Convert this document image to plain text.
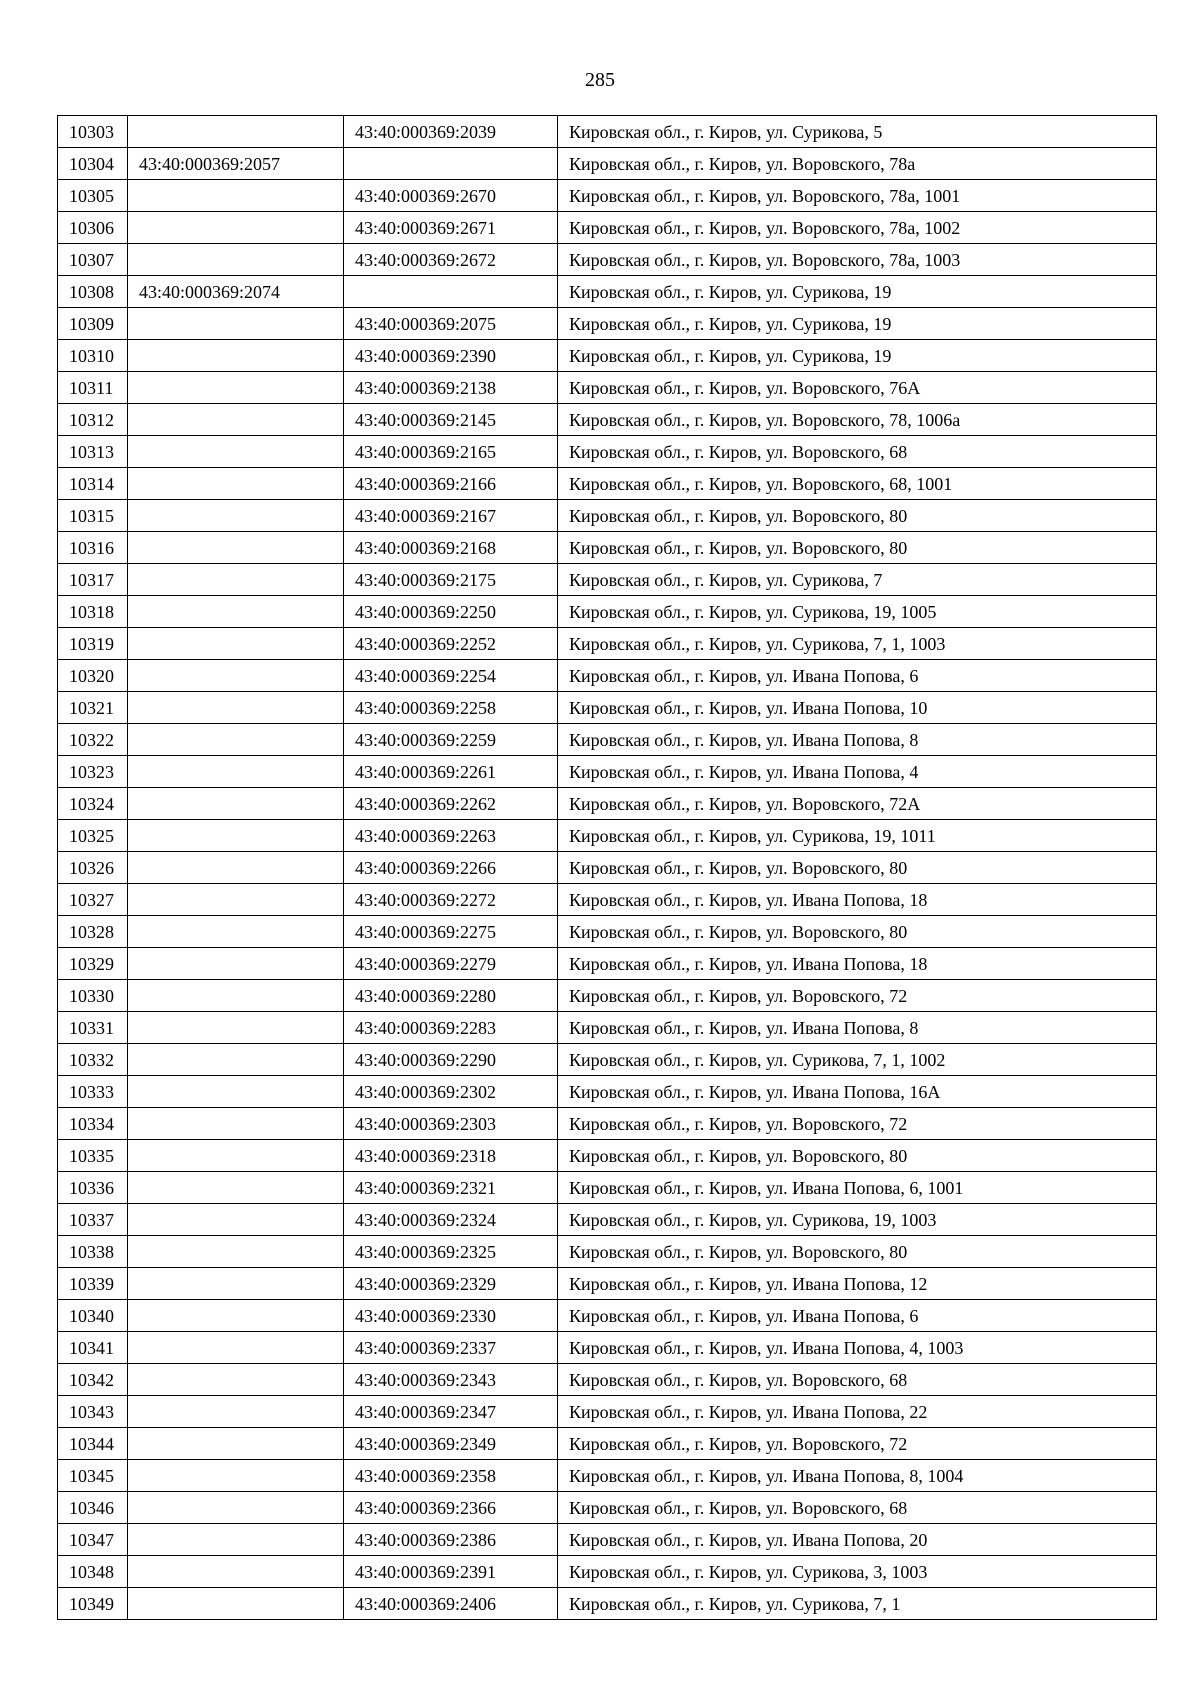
285
10303		43:40:000369:2039	Кировская обл., г. Киров, ул. Сурикова, 5
10304	43:40:000369:2057		Кировская обл., г. Киров, ул. Воровского, 78а
10305		43:40:000369:2670	Кировская обл., г. Киров, ул. Воровского, 78а, 1001
10306		43:40:000369:2671	Кировская обл., г. Киров, ул. Воровского, 78а, 1002
10307		43:40:000369:2672	Кировская обл., г. Киров, ул. Воровского, 78а, 1003
10308	43:40:000369:2074		Кировская обл., г. Киров, ул. Сурикова, 19
10309		43:40:000369:2075	Кировская обл., г. Киров, ул. Сурикова, 19
10310		43:40:000369:2390	Кировская обл., г. Киров, ул. Сурикова, 19
10311		43:40:000369:2138	Кировская обл., г. Киров, ул. Воровского, 76А
10312		43:40:000369:2145	Кировская обл., г. Киров, ул. Воровского, 78, 1006а
10313		43:40:000369:2165	Кировская обл., г. Киров, ул. Воровского, 68
10314		43:40:000369:2166	Кировская обл., г. Киров, ул. Воровского, 68, 1001
10315		43:40:000369:2167	Кировская обл., г. Киров, ул. Воровского, 80
10316		43:40:000369:2168	Кировская обл., г. Киров, ул. Воровского, 80
10317		43:40:000369:2175	Кировская обл., г. Киров, ул. Сурикова, 7
10318		43:40:000369:2250	Кировская обл., г. Киров, ул. Сурикова, 19, 1005
10319		43:40:000369:2252	Кировская обл., г. Киров, ул. Сурикова, 7, 1, 1003
10320		43:40:000369:2254	Кировская обл., г. Киров, ул. Ивана Попова, 6
10321		43:40:000369:2258	Кировская обл., г. Киров, ул. Ивана Попова, 10
10322		43:40:000369:2259	Кировская обл., г. Киров, ул. Ивана Попова, 8
10323		43:40:000369:2261	Кировская обл., г. Киров, ул. Ивана Попова, 4
10324		43:40:000369:2262	Кировская обл., г. Киров, ул. Воровского, 72А
10325		43:40:000369:2263	Кировская обл., г. Киров, ул. Сурикова, 19, 1011
10326		43:40:000369:2266	Кировская обл., г. Киров, ул. Воровского, 80
10327		43:40:000369:2272	Кировская обл., г. Киров, ул. Ивана Попова, 18
10328		43:40:000369:2275	Кировская обл., г. Киров, ул. Воровского, 80
10329		43:40:000369:2279	Кировская обл., г. Киров, ул. Ивана Попова, 18
10330		43:40:000369:2280	Кировская обл., г. Киров, ул. Воровского, 72
10331		43:40:000369:2283	Кировская обл., г. Киров, ул. Ивана Попова, 8
10332		43:40:000369:2290	Кировская обл., г. Киров, ул. Сурикова, 7, 1, 1002
10333		43:40:000369:2302	Кировская обл., г. Киров, ул. Ивана Попова, 16А
10334		43:40:000369:2303	Кировская обл., г. Киров, ул. Воровского, 72
10335		43:40:000369:2318	Кировская обл., г. Киров, ул. Воровского, 80
10336		43:40:000369:2321	Кировская обл., г. Киров, ул. Ивана Попова, 6, 1001
10337		43:40:000369:2324	Кировская обл., г. Киров, ул. Сурикова, 19, 1003
10338		43:40:000369:2325	Кировская обл., г. Киров, ул. Воровского, 80
10339		43:40:000369:2329	Кировская обл., г. Киров, ул. Ивана Попова, 12
10340		43:40:000369:2330	Кировская обл., г. Киров, ул. Ивана Попова, 6
10341		43:40:000369:2337	Кировская обл., г. Киров, ул. Ивана Попова, 4, 1003
10342		43:40:000369:2343	Кировская обл., г. Киров, ул. Воровского, 68
10343		43:40:000369:2347	Кировская обл., г. Киров, ул. Ивана Попова, 22
10344		43:40:000369:2349	Кировская обл., г. Киров, ул. Воровского, 72
10345		43:40:000369:2358	Кировская обл., г. Киров, ул. Ивана Попова, 8, 1004
10346		43:40:000369:2366	Кировская обл., г. Киров, ул. Воровского, 68
10347		43:40:000369:2386	Кировская обл., г. Киров, ул. Ивана Попова, 20
10348		43:40:000369:2391	Кировская обл., г. Киров, ул. Сурикова, 3, 1003
10349		43:40:000369:2406	Кировская обл., г. Киров, ул. Сурикова, 7, 1
